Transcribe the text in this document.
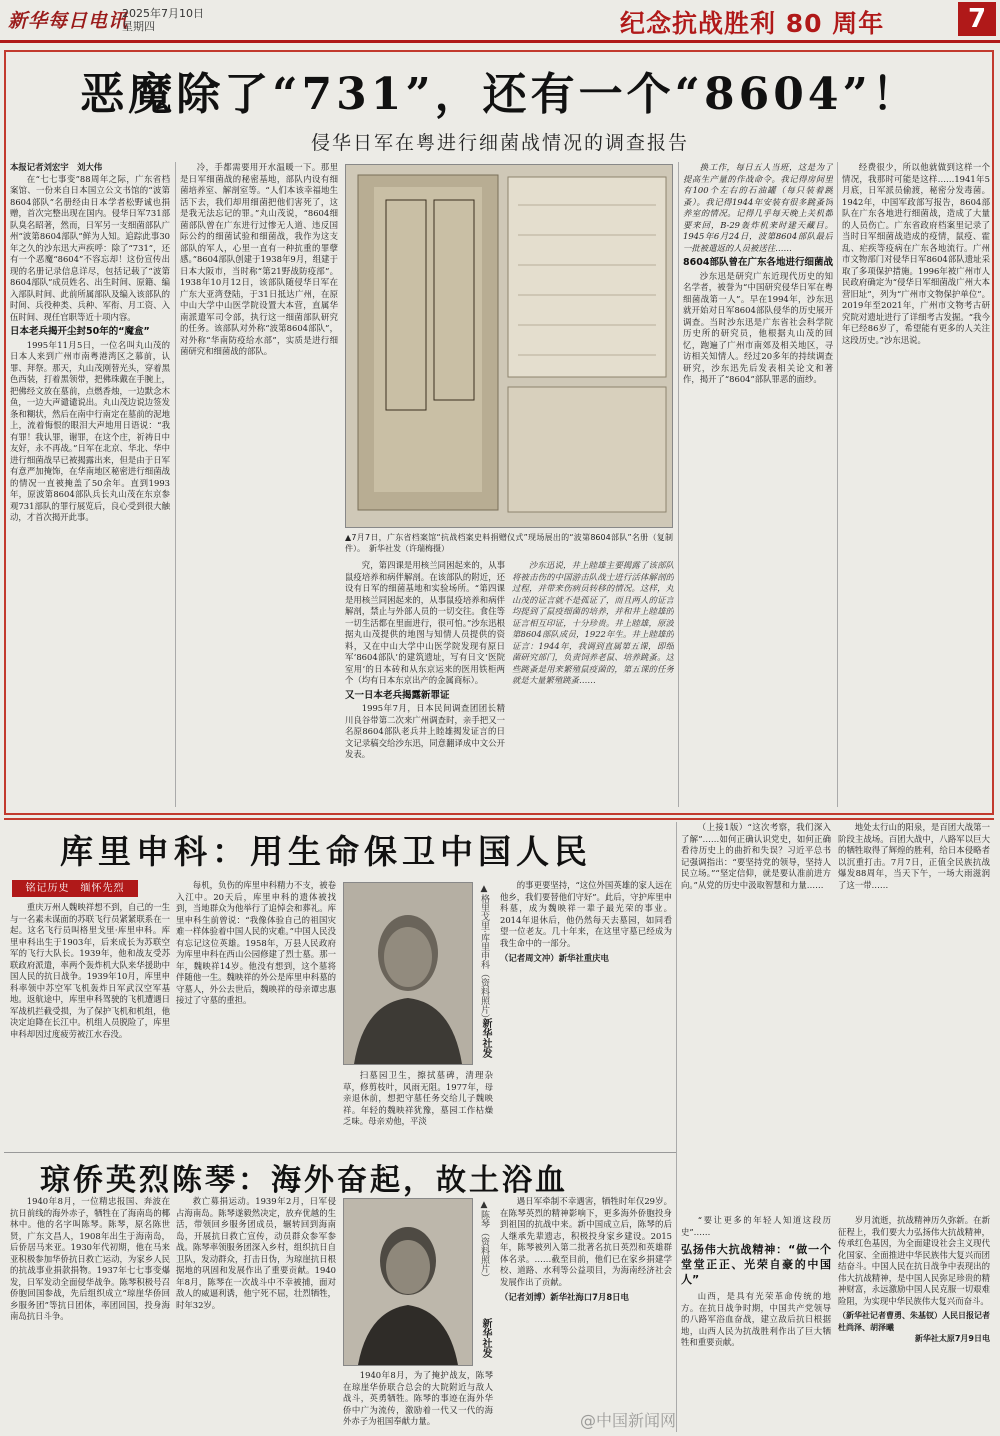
新华每日电讯
2025年7月10日
星期四	纪念抗战胜利 80 周年	7
恶魔除了“731”，还有一个“8604”！
侵华日军在粤进行细菌战情况的调查报告

本报记者刘宏宇　刘大伟

在“七七事变”88周年之际，广东省档案馆、一份来自日本国立公文书馆的“波第8604部队”名册经由日本学者松野诚也捐赠，首次完整出现在国内。侵华日军731部队臭名昭著，然而，日军另一支细菌部队广州“波第8604部队”鲜为人知。追踪此事30年之久的沙东迅大声疾呼：除了“731”，还有一个恶魔“8604”不容忘却！这份宣传出现的名册记录信息详尽，包括记载了“波第8604部队”成员姓名、出生时间、原籍、编入部队时间、此前所属部队及编入该部队的时间、兵役种类、兵种、军衔、月工资、入伍时间、现任官职等近十项内容。

日本老兵揭开尘封50年的“魔盒”

1995年11月5日，一位名叫丸山茂的日本人来到广州市南粤港湾区之慕前，认罪、拜祭。那天，丸山茂刚替光头，穿着黑色西装，打着黑领带，把佛珠戴在手腕上，把佛经文放在墓前，点燃香烛，一边默念木鱼，一边大声谴谴说出。丸山茂边说边签发条和糊状，然后在南中行南定在墓前的泥地上，流着悔恨的眼泪大声地用日语说：“我有罪！我认罪，谢罪，在这个庄，祈祷日中友好，永不再战。”日军在北京、华北、华中进行细菌战早已被揭露出来，但是由于日军有意严加掩饰，在华南地区秘密进行细菌战的情况一直被掩盖了50余年。直到1993年，原波第8604部队兵长丸山茂在东京参观731部队的罪行展览后，良心受到很大触动，才首次揭开此事。

冷，手都需要用开水温暖一下。那里是日军细菌战的秘密基地，部队内设有细菌培养室、解剖室等。“人们本该幸福地生活下去，我们却用细菌把他们害死了，这是我无法忘记的罪。”丸山茂说，“8604细菌部队曾在广东进行过惨无人道、违反国际公约的细菌试验和细菌战，我作为这支部队的军人，心里一直有一种抗重的罪孽感。”8604部队创建于1938年9月，组建于日本大阪市，当时称“第21野战防疫部”。1938年10月12日，该部队随侵华日军在广东大亚湾登陆，于31日抵达广州，在原中山大学中山医学院设置大本营，直属华南派遣军司令部，执行这一细菌部队研究的任务。该部队对外称“波第8604部队”，对外称“华南防疫给水部”，实质是进行细菌研究和细菌战的部队。

▲7月7日，广东省档案馆“抗战档案史料捐赠仪式”现场展出的“波第8604部队”名册（复制件）。　新华社发（许瑞梅摄）

究，第四课是用核兰同困起来的，从事鼠疫培养和病伴解剖。在该部队的附近，还设有日军的细菌基地和实验场所。“第四课是用核兰同困起来的，从事鼠疫培养和病伴解剖，禁止与外部人员的一切交往。食住等一切生活都在里面进行，很可怕。”沙东迅根据丸山茂提供的地图与知情人员提供的资料，又在中山大学中山医学院发现有原日军‘8604部队’的建筑遗址，写有日文‘医院室用’的日本砖和从东京运来的医用铁柜两个（均有日本东京出产的金属商标）。

又一日本老兵揭露新罪证

1995年7月，日本民间调查团团长精川良谷带第二次来广州调查时，亲手把又一名原8604部队老兵井上睦雄揭发证言的日文记录稿交给沙东迅，同意翻译成中文公开发表。

沙东迅说，井上睦雄主要揭露了该部队将被击伤的中国游击队战士进行活体解剖的过程，并带来伤病员转移的情况。这样，丸山茂的证言就不是孤证了，而且两人的证言均提到了鼠疫细菌的培养，并和井上睦雄的证言相互印证，十分珍贵。井上睦雄，原波第8604部队成员，1922年生。井上睦雄的证言：1944年，我调到直属第五课，即细菌研究部门，负责饲养老鼠、培养跳蚤。这些跳蚤是用来繁殖鼠疫菌的，第五课的任务就是大量繁殖跳蚤……

换工作，每日五人当班，这是为了提高生产量的作战命令。我记得房间里有100个左右的石油罐（每只装着跳蚤）。我记得1944年安装有很多跳蚤饲养室的情况。记得几乎每天晚上关机都要来回，B-29轰炸机来时建天藏目。1945年6月24日，波第8604部队最后一批被遣返的人员被送往……

8604部队曾在广东各地进行细菌战

沙东迅是研究广东近现代历史的知名学者，被誉为“中国研究侵华日军在粤细菌战第一人”。早在1994年，沙东迅就开始对日军8604部队侵华的历史展开调查。当时沙东迅是广东省社会科学院历史所的研究员，他根据丸山茂的回忆，跑遍了广州市南郊及相关地区，寻访相关知情人。经过20多年的持续调查研究，沙东迅先后发表相关论文和著作，揭开了“8604”部队罪恶的面纱。

经费很少，所以他就做到这样一个情况，我那时可能是这样……1941年5月底，日军派员偷渡，秘密分发毒菌。1942年，中国军政部写报告，8604部队在广东各地进行细菌战，造成了大量的人员伤亡。广东省政府档案里记录了当时日军细菌战造成的疫情，鼠疫、霍乱、疟疾等疫病在广东各地流行。广州市文物部门对侵华日军8604部队遗址采取了多项保护措施。1996年被广州市人民政府确定为“侵华日军细菌战广州大本营旧址”，列为“广州市文物保护单位”。2019年至2021年，广州市文物考古研究院对遗址进行了详细考古发掘。“我今年已经86岁了，希望能有更多的人关注这段历史。”沙东迅说。

库里申科：用生命保卫中国人民
铭记历史　缅怀先烈

重庆万州人魏映祥想不到，自己的一生与一名素未谋面的苏联飞行员紧紧联系在一起。这名飞行员叫格里戈里·库里申科。库里申科出生于1903年，后来成长为苏联空军的飞行大队长。1939年，他和战友受苏联政府派遣，率两个轰炸机大队来华援助中国人民的抗日战争。1939年10月，库里申科率领中苏空军飞机轰炸日军武汉空军基地。返航途中，库里申科驾驶的飞机遭遇日军战机拦截受损，为了保护飞机和机组，他决定迫降在长江中。机组人员脱险了，库里申科却因过度疲劳被江水吞没。

每机，负伤的库里申科精力不支，被卷入江中。20天后，库里申科的遗体被找到，当地群众为他举行了追悼会和葬礼。库里申科生前曾说：“我像体验自己的祖国灾难一样体验着中国人民的灾难。”中国人民没有忘记这位英雄。1958年，万县人民政府为库里申科在西山公园修建了烈士墓。那一年，魏映祥14岁。他没有想到，这个墓将伴随他一生。魏映祥的外公是库里申科墓的守墓人，外公去世后，魏映祥的母亲谭忠惠接过了守墓的重担。	▲格里戈里·库里申科（资料照片）
新华社发

扫墓园卫生，擦拭墓碑，清理杂草，修剪枝叶，风雨无阻。1977年，母亲退休前，想把守墓任务交给儿子魏映祥。年轻的魏映祥犹豫，墓园工作枯燥乏味。母亲劝他，平淡

的事更要坚持，“这位外国英雄的家人远在他乡，我们要替他们守好”。此后，守护库里申科墓，成为魏映祥一辈子最光荣的事业。2014年退休后，他仍然每天去墓园，如同看望一位老友。几十年来，在这里守墓已经成为我生命中的一部分。

（记者周文冲）新华社重庆电

（上接1版）“这次考察，我们深入了解”……如何正确认识党史，如何正确看待历史上的曲折和失误？习近平总书记强调指出：“要坚持党的领导，坚持人民立场。”“坚定信仰，就是要认准前进方向。”从党的历史中汲取智慧和力量……

地处太行山的阳泉，是百团大战第一阶段主战场。百团大战中，八路军以巨大的牺牲取得了辉煌的胜利，给日本侵略者以沉重打击。7月7日，正值全民族抗战爆发88周年，当天下午，一场大雨滋润了这一带……

琼侨英烈陈琴：海外奋起，故土浴血

1940年8月，一位精忠报国、奔波在抗日前线的海外赤子，牺牲在了海南岛的椰林中。他的名字叫陈琴。陈琴，原名陈世贤，广东文昌人，1908年出生于海南岛，后侨居马来亚。1930年代初期，他在马来亚积极参加华侨抗日救亡运动，为家乡人民的抗战事业捐款捐物。1937年七七事变爆发，日军发动全面侵华战争。陈琴积极号召侨胞回国参战，先后组织成立“琼崖华侨回乡服务团”等抗日团体，率团回国，投身海南岛抗日斗争。

救亡募捐运动。1939年2月，日军侵占海南岛。陈琴遂毅然决定，放弃优越的生活，带领回乡服务团成员，辗转回到海南岛，开展抗日救亡宣传，动员群众参军参战。陈琴率领服务团深入乡村，组织抗日自卫队，发动群众，打击日伪，为琼崖抗日根据地的巩固和发展作出了重要贡献。1940年8月，陈琴在一次战斗中不幸被捕，面对敌人的威逼利诱，他宁死不屈，壮烈牺牲，时年32岁。

▲陈琴（资料照片）
新华社发

1940年8月，为了掩护战友，陈琴在琼崖华侨联合总会的大院附近与敌人战斗，英勇牺牲。陈琴的事迹在海外华侨中广为流传，激励着一代又一代的海外赤子为祖国奉献力量。

遇日军牵制不幸遇害，牺牲时年仅29岁。在陈琴英烈的精神影响下，更多海外侨胞投身到祖国的抗战中来。新中国成立后，陈琴的后人继承先辈遗志，积极投身家乡建设。2015年，陈琴被列入第二批著名抗日英烈和英雄群体名录。……截至目前，他们已在家乡捐建学校、道路、水利等公益项目，为海南经济社会发展作出了贡献。

（记者刘博）新华社海口7月8日电

“要让更多的年轻人知道这段历史”……

弘扬伟大抗战精神：“做一个堂堂正正、光荣自豪的中国人”

山西，是具有光荣革命传统的地方。在抗日战争时期，中国共产党领导的八路军浴血奋战，建立敌后抗日根据地，山西人民为抗战胜利作出了巨大牺牲和重要贡献。

岁月流逝，抗战精神历久弥新。在新征程上，我们要大力弘扬伟大抗战精神，传承红色基因，为全面建设社会主义现代化国家、全面推进中华民族伟大复兴而团结奋斗。中国人民在抗日战争中表现出的伟大抗战精神，是中国人民弥足珍贵的精神财富，永远激励中国人民克服一切艰难险阻，为实现中华民族伟大复兴而奋斗。

（新华社记者曹勇、朱基钗）人民日报记者杜尚泽、胡泽曦

新华社太原7月9日电

@中国新闻网
